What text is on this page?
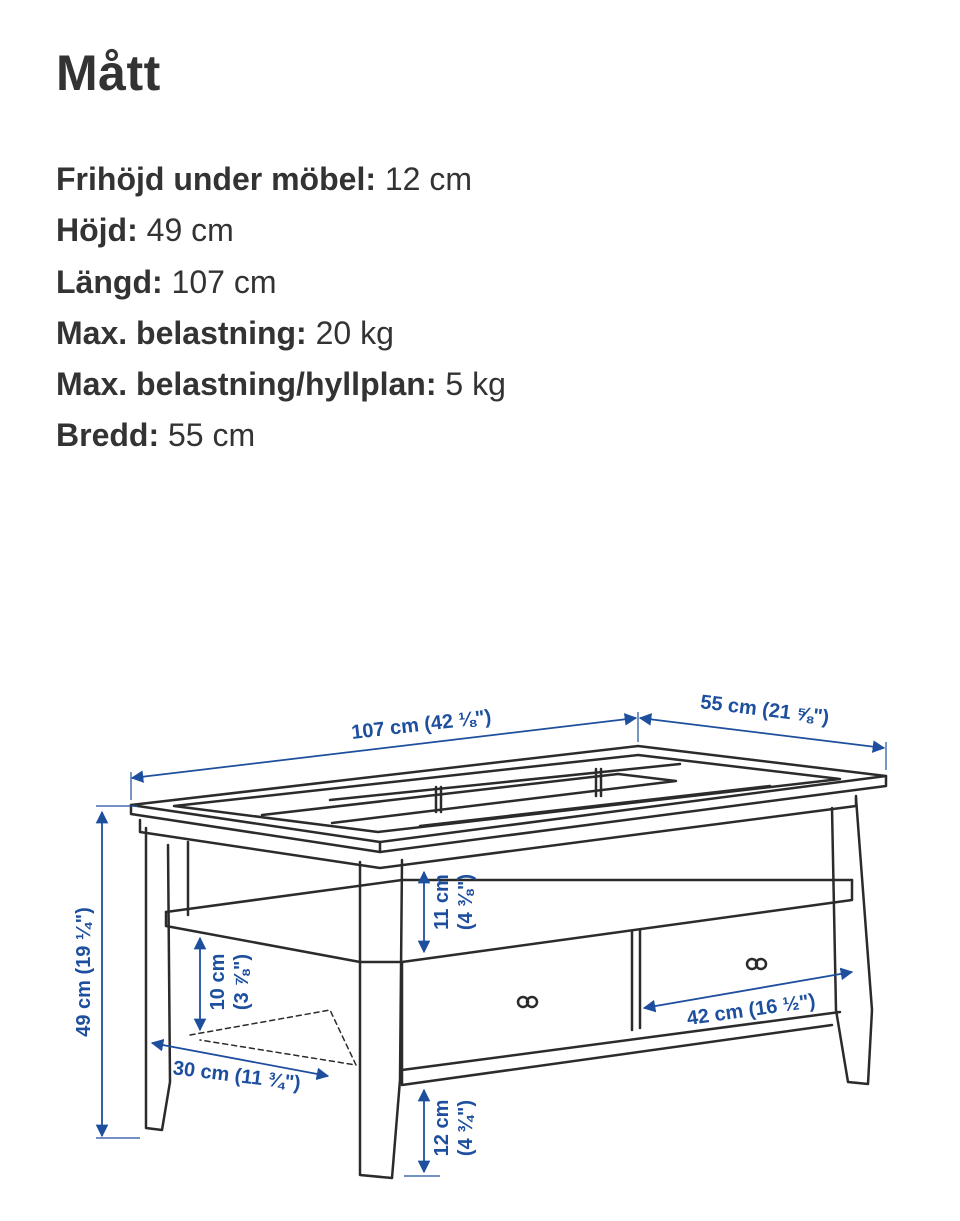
Mått
Frihöjd under möbel: 12 cm
Höjd: 49 cm
Längd: 107 cm
Max. belastning: 20 kg
Max. belastning/hyllplan: 5 kg
Bredd: 55 cm
107 cm (42 ⅛")	55 cm (21 ⅝")
49 cm (19 ¼")
11 cm (4 ⅜")
10 cm (3 ⅞")
30 cm (11 ¾")
42 cm (16 ½")
12 cm (4 ¾")
